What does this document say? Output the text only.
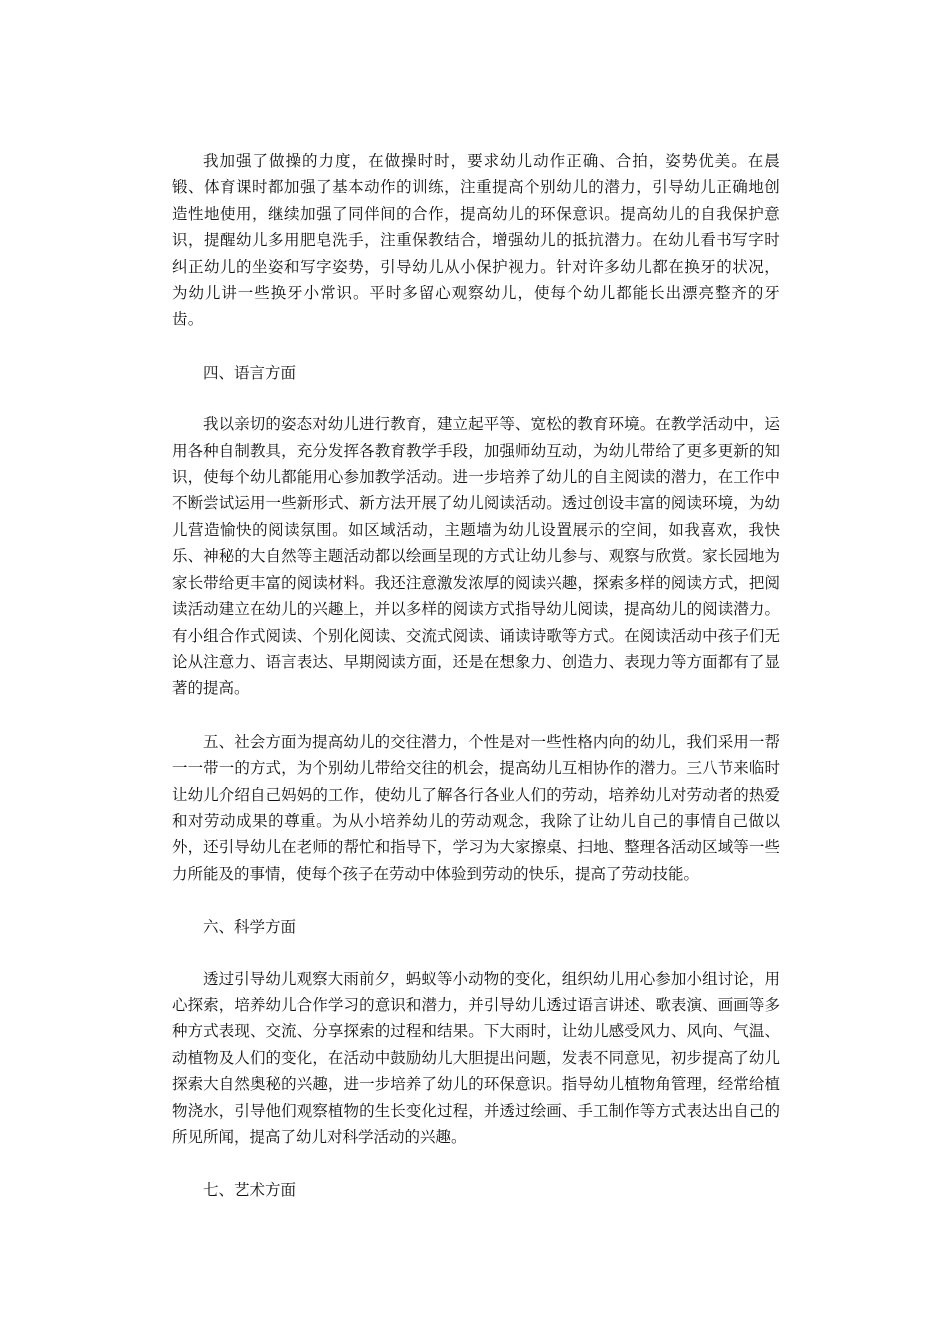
我加强了做操的力度，在做操时时，要求幼儿动作正确、合拍，姿势优美。在晨锻、体育课时都加强了基本动作的训练，注重提高个别幼儿的潜力，引导幼儿正确地创造性地使用，继续加强了同伴间的合作，提高幼儿的环保意识。提高幼儿的自我保护意识，提醒幼儿多用肥皂洗手，注重保教结合，增强幼儿的抵抗潜力。在幼儿看书写字时纠正幼儿的坐姿和写字姿势，引导幼儿从小保护视力。针对许多幼儿都在换牙的状况，为幼儿讲一些换牙小常识。平时多留心观察幼儿，使每个幼儿都能长出漂亮整齐的牙齿。

四、语言方面

我以亲切的姿态对幼儿进行教育，建立起平等、宽松的教育环境。在教学活动中，运用各种自制教具，充分发挥各教育教学手段，加强师幼互动，为幼儿带给了更多更新的知识，使每个幼儿都能用心参加教学活动。进一步培养了幼儿的自主阅读的潜力，在工作中不断尝试运用一些新形式、新方法开展了幼儿阅读活动。透过创设丰富的阅读环境，为幼儿营造愉快的阅读氛围。如区域活动，主题墙为幼儿设置展示的空间，如我喜欢，我快乐、神秘的大自然等主题活动都以绘画呈现的方式让幼儿参与、观察与欣赏。家长园地为家长带给更丰富的阅读材料。我还注意激发浓厚的阅读兴趣，探索多样的阅读方式，把阅读活动建立在幼儿的兴趣上，并以多样的阅读方式指导幼儿阅读，提高幼儿的阅读潜力。有小组合作式阅读、个别化阅读、交流式阅读、诵读诗歌等方式。在阅读活动中孩子们无论从注意力、语言表达、早期阅读方面，还是在想象力、创造力、表现力等方面都有了显著的提高。

五、社会方面为提高幼儿的交往潜力，个性是对一些性格内向的幼儿，我们采用一帮一一带一的方式，为个别幼儿带给交往的机会，提高幼儿互相协作的潜力。三八节来临时让幼儿介绍自己妈妈的工作，使幼儿了解各行各业人们的劳动，培养幼儿对劳动者的热爱和对劳动成果的尊重。为从小培养幼儿的劳动观念，我除了让幼儿自己的事情自己做以外，还引导幼儿在老师的帮忙和指导下，学习为大家擦桌、扫地、整理各活动区域等一些力所能及的事情，使每个孩子在劳动中体验到劳动的快乐，提高了劳动技能。

六、科学方面

透过引导幼儿观察大雨前夕，蚂蚁等小动物的变化，组织幼儿用心参加小组讨论，用心探索，培养幼儿合作学习的意识和潜力，并引导幼儿透过语言讲述、歌表演、画画等多种方式表现、交流、分享探索的过程和结果。下大雨时，让幼儿感受风力、风向、气温、动植物及人们的变化，在活动中鼓励幼儿大胆提出问题，发表不同意见，初步提高了幼儿探索大自然奥秘的兴趣，进一步培养了幼儿的环保意识。指导幼儿植物角管理，经常给植物浇水，引导他们观察植物的生长变化过程，并透过绘画、手工制作等方式表达出自己的所见所闻，提高了幼儿对科学活动的兴趣。

七、艺术方面
